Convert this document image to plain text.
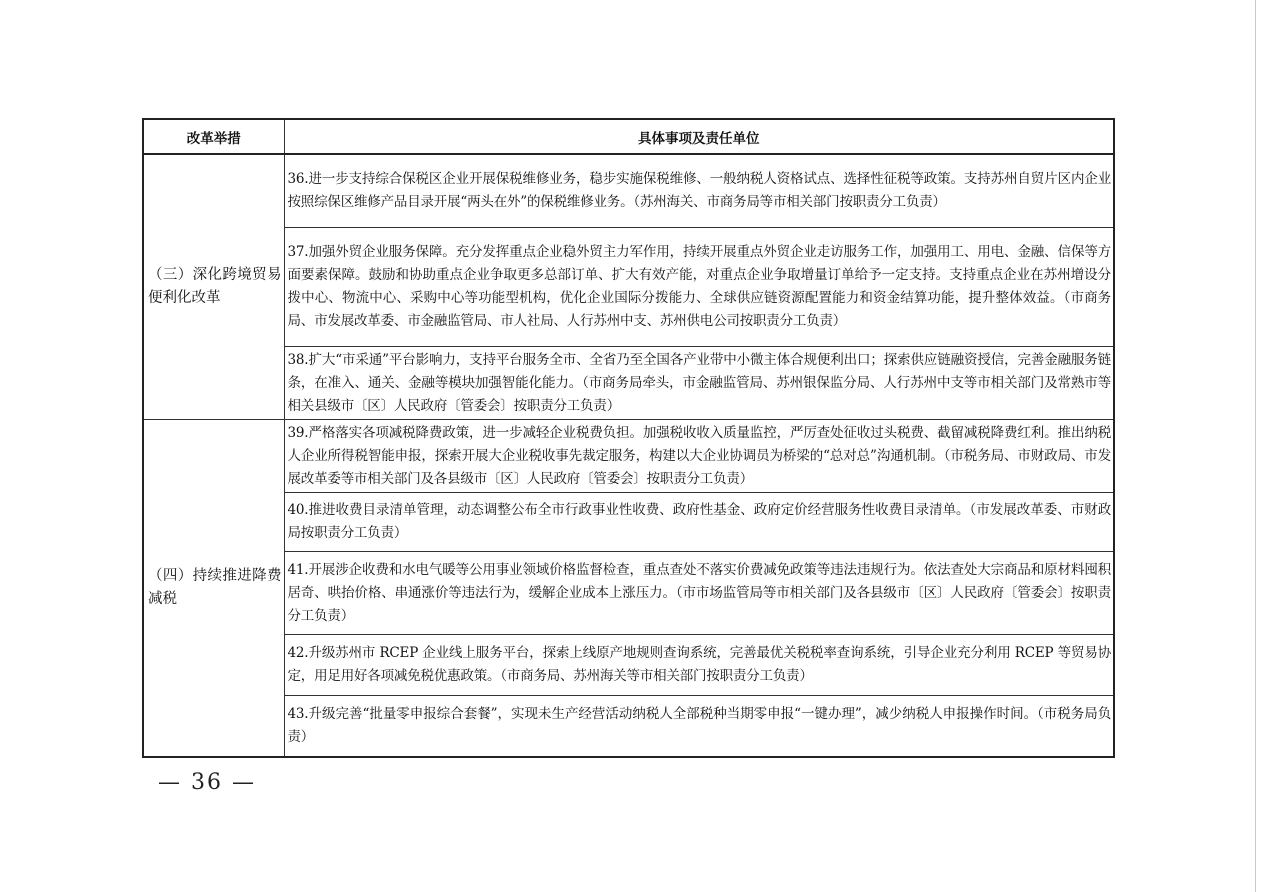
改革举措	具体事项及责任单位
（三）深化跨境贸易便利化改革	36.进一步支持综合保税区企业开展保税维修业务，稳步实施保税维修、一般纳税人资格试点、选择性征税等政策。支持苏州自贸片区内企业按照综保区维修产品目录开展“两头在外”的保税维修业务。（苏州海关、市商务局等市相关部门按职责分工负责）
	37.加强外贸企业服务保障。充分发挥重点企业稳外贸主力军作用，持续开展重点外贸企业走访服务工作，加强用工、用电、金融、信保等方面要素保障。鼓励和协助重点企业争取更多总部订单、扩大有效产能，对重点企业争取增量订单给予一定支持。支持重点企业在苏州增设分拨中心、物流中心、采购中心等功能型机构，优化企业国际分拨能力、全球供应链资源配置能力和资金结算功能，提升整体效益。（市商务局、市发展改革委、市金融监管局、市人社局、人行苏州中支、苏州供电公司按职责分工负责）
	38.扩大“市采通”平台影响力，支持平台服务全市、全省乃至全国各产业带中小微主体合规便利出口；探索供应链融资授信，完善金融服务链条，在准入、通关、金融等模块加强智能化能力。（市商务局牵头，市金融监管局、苏州银保监分局、人行苏州中支等市相关部门及常熟市等相关县级市〔区〕人民政府〔管委会〕按职责分工负责）
（四）持续推进降费减税	39.严格落实各项减税降费政策，进一步减轻企业税费负担。加强税收收入质量监控，严厉查处征收过头税费、截留减税降费红利。推出纳税人企业所得税智能申报，探索开展大企业税收事先裁定服务，构建以大企业协调员为桥梁的“总对总”沟通机制。（市税务局、市财政局、市发展改革委等市相关部门及各县级市〔区〕人民政府〔管委会〕按职责分工负责）
	40.推进收费目录清单管理，动态调整公布全市行政事业性收费、政府性基金、政府定价经营服务性收费目录清单。（市发展改革委、市财政局按职责分工负责）
	41.开展涉企收费和水电气暖等公用事业领域价格监督检查，重点查处不落实价费减免政策等违法违规行为。依法查处大宗商品和原材料囤积居奇、哄抬价格、串通涨价等违法行为，缓解企业成本上涨压力。（市市场监管局等市相关部门及各县级市〔区〕人民政府〔管委会〕按职责分工负责）
	42.升级苏州市 RCEP 企业线上服务平台，探索上线原产地规则查询系统，完善最优关税税率查询系统，引导企业充分利用 RCEP 等贸易协定，用足用好各项减免税优惠政策。（市商务局、苏州海关等市相关部门按职责分工负责）
	43.升级完善“批量零申报综合套餐”，实现未生产经营活动纳税人全部税种当期零申报“一键办理”，减少纳税人申报操作时间。（市税务局负责）
— 36 —
